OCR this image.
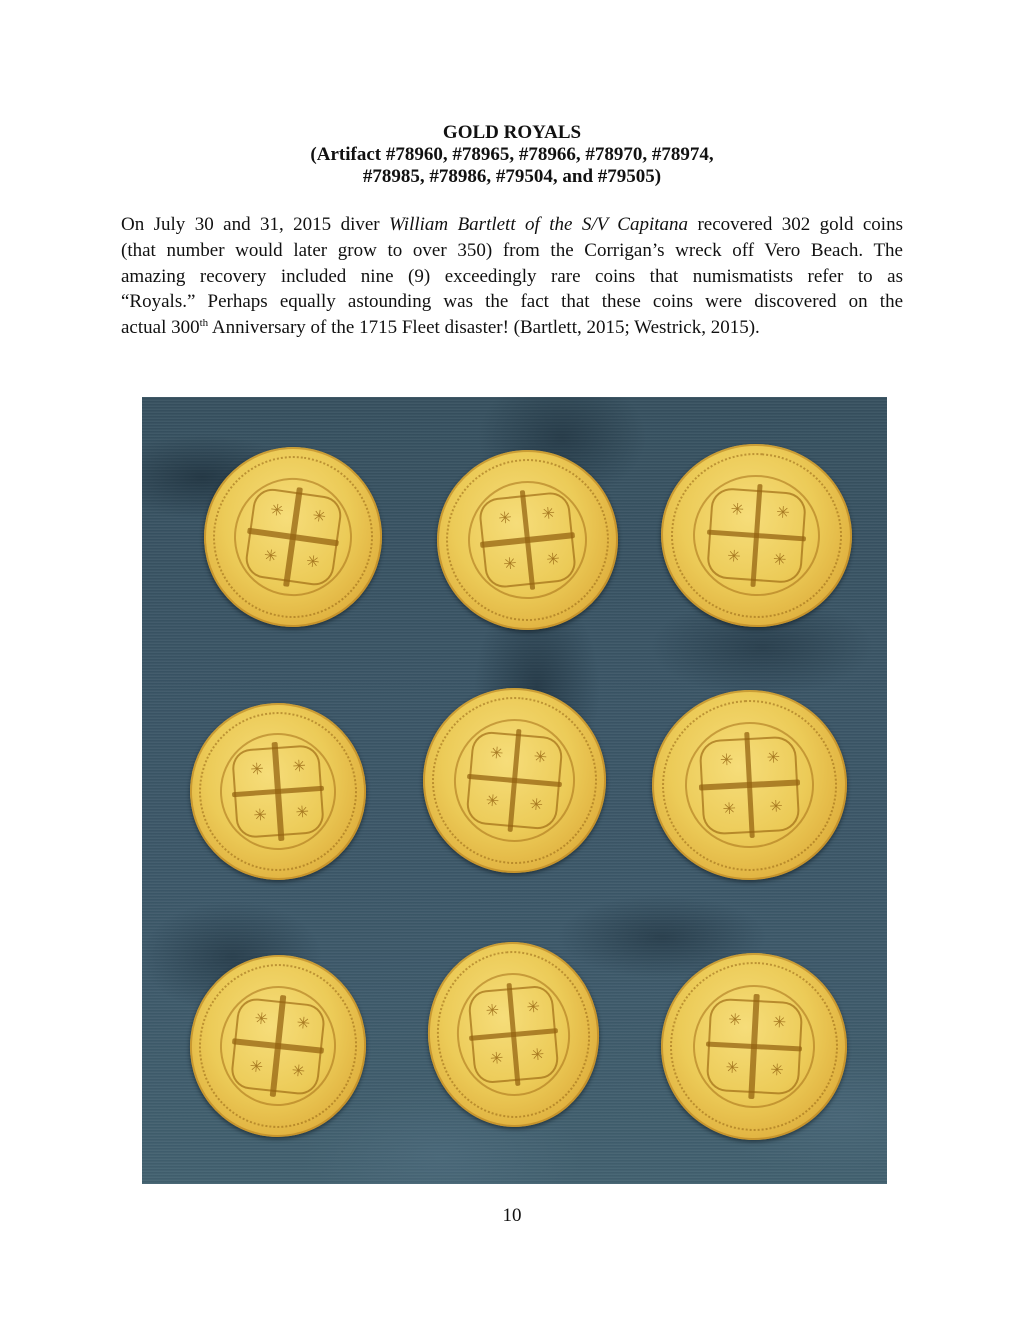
GOLD ROYALS
(Artifact #78960, #78965, #78966, #78970, #78974,
#78985, #78986, #79504, and #79505)
On July 30 and 31, 2015 diver William Bartlett of the S/V Capitana recovered 302 gold coins
(that number would later grow to over 350) from the Corrigan’s wreck off Vero Beach. The
amazing recovery included nine (9) exceedingly rare coins that numismatists refer to as
“Royals.” Perhaps equally astounding was the fact that these coins were discovered on the
actual 300th Anniversary of the 1715 Fleet disaster! (Bartlett, 2015; Westrick, 2015).
✳ ✳
✳ ✳
✳ ✳
✳ ✳
✳ ✳
✳ ✳
✳ ✳
✳ ✳
✳ ✳
✳ ✳
✳ ✳
✳ ✳
✳ ✳
✳ ✳
✳ ✳
✳ ✳
✳ ✳
✳ ✳
10
